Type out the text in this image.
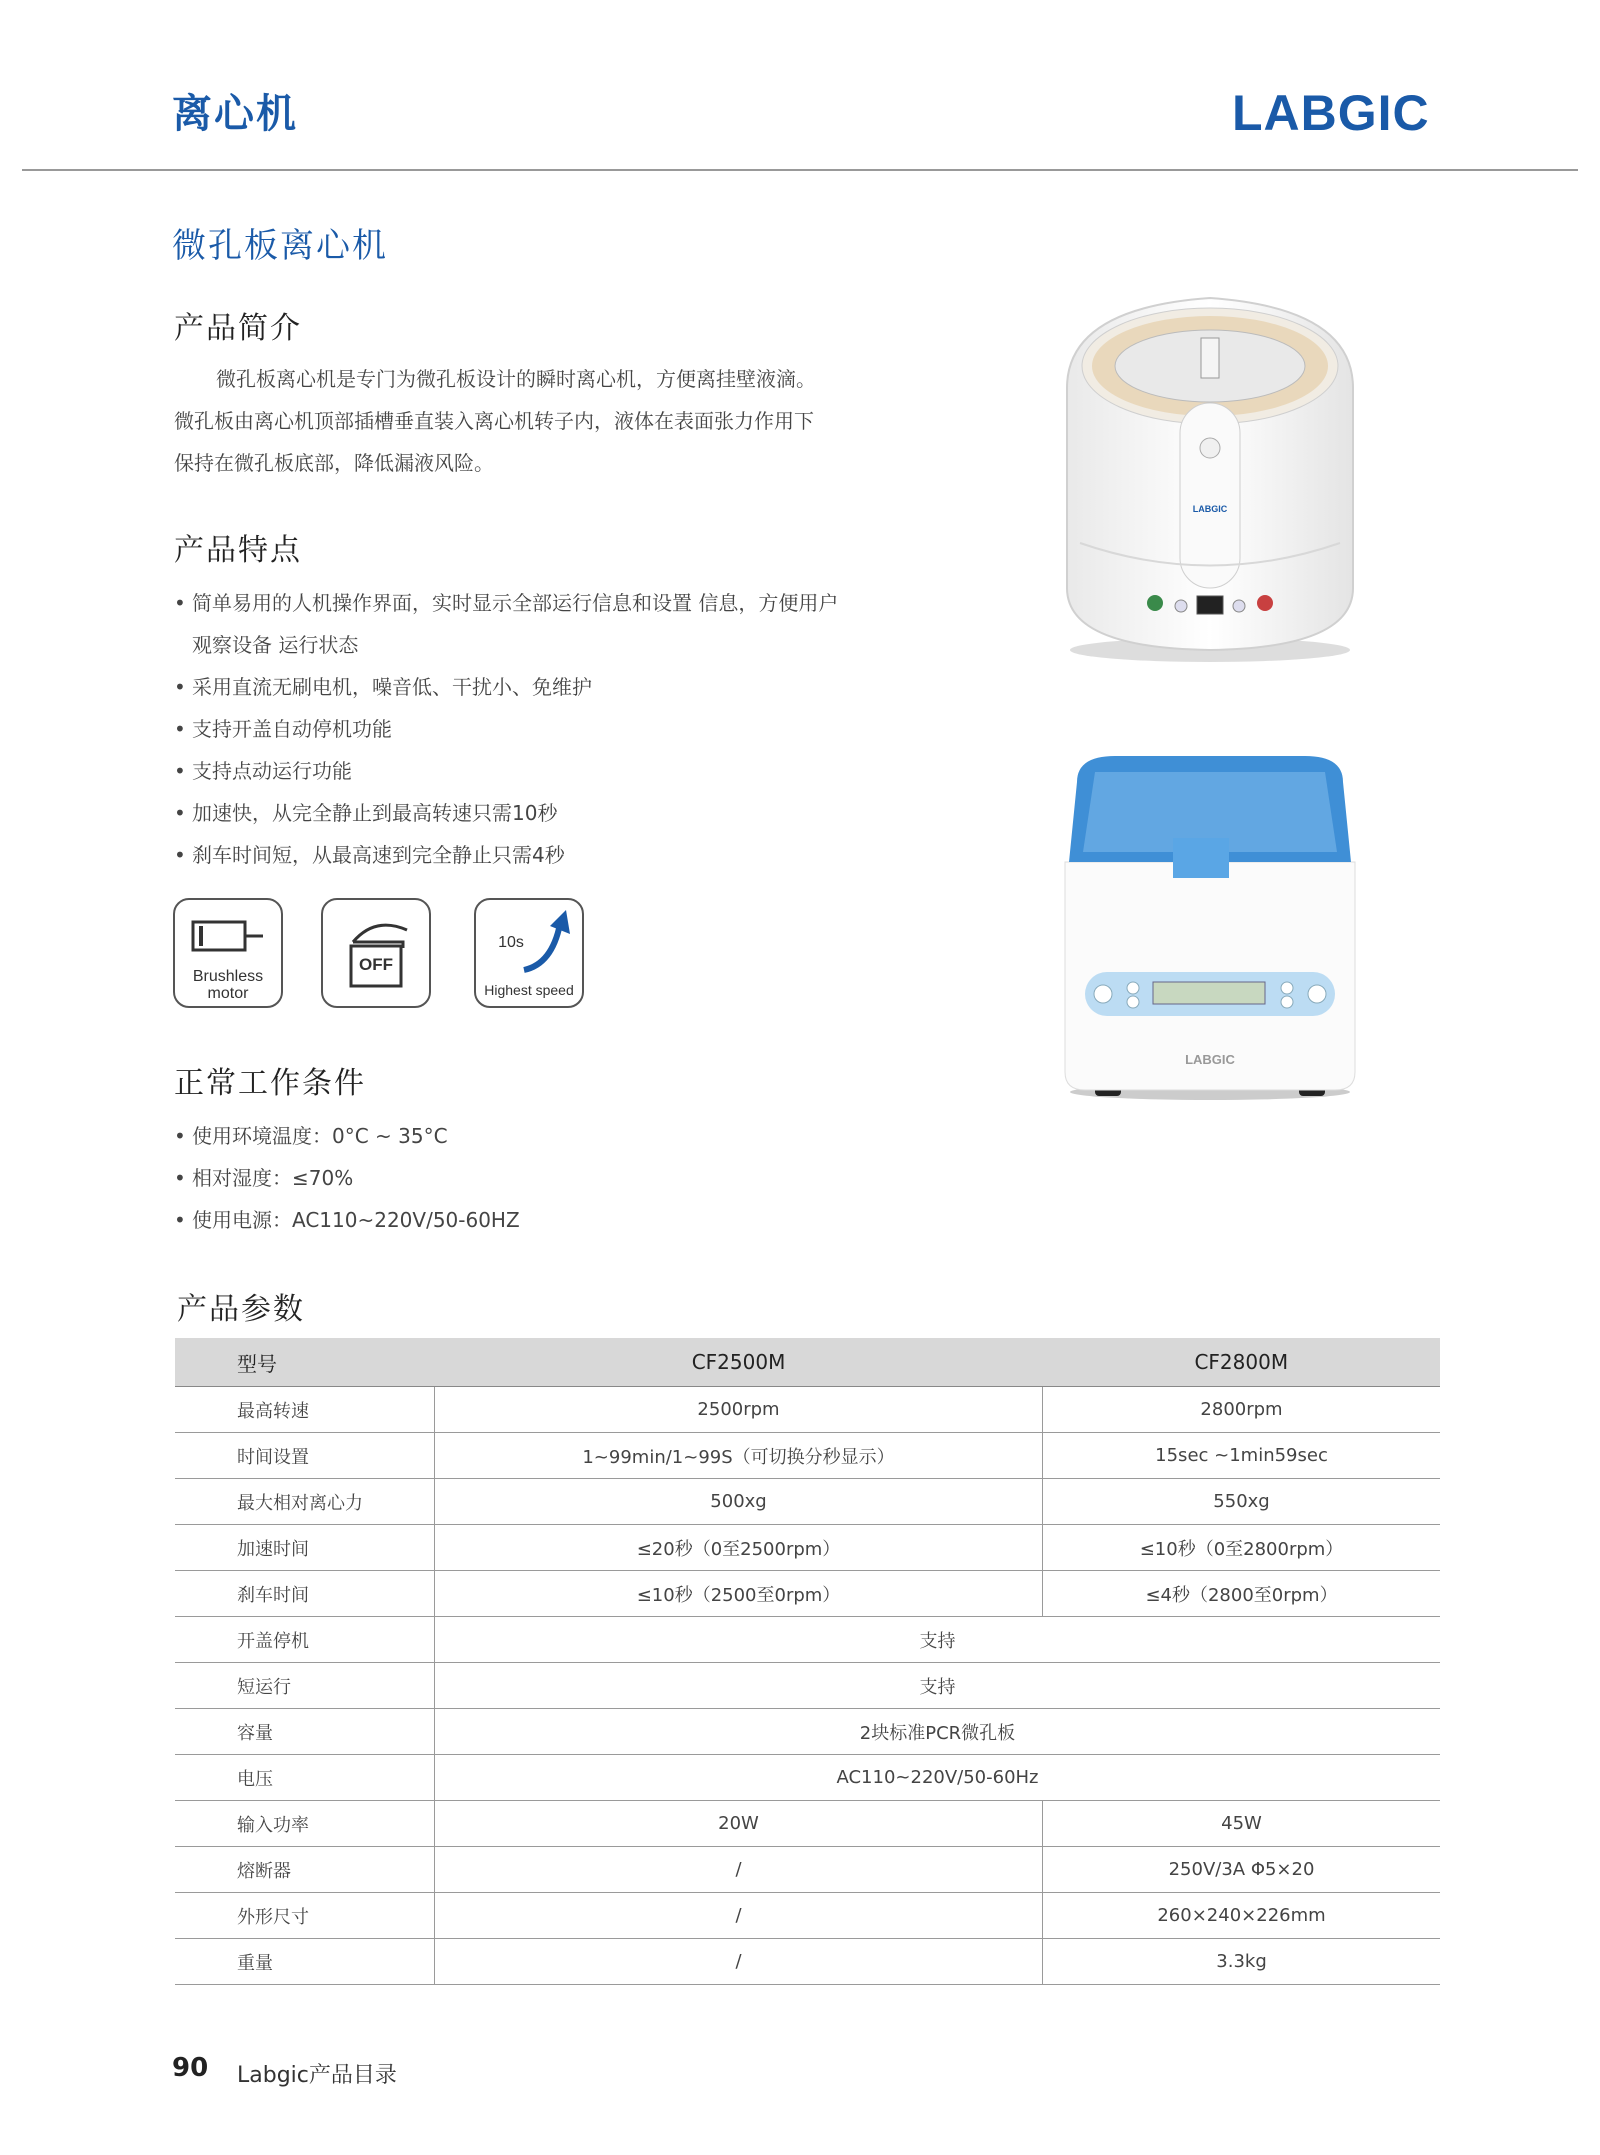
离心机	LABGIC
微孔板离心机
产品简介
微孔板离心机是专门为微孔板设计的瞬时离心机，方便离挂壁液滴。
微孔板由离心机顶部插槽垂直装入离心机转子内，液体在表面张力作用下
保持在微孔板底部，降低漏液风险。
产品特点
• 简单易用的人机操作界面，实时显示全部运行信息和设置 信息，方便用户
观察设备 运行状态
• 采用直流无刷电机，噪音低、干扰小、免维护
• 支持开盖自动停机功能
• 支持点动运行功能
• 加速快，从完全静止到最高转速只需10秒
• 刹车时间短，从最高速到完全静止只需4秒
Brushless
motor
OFF
10s
Highest speed
正常工作条件
• 使用环境温度：0°C ~ 35°C
• 相对湿度：≤70%
• 使用电源：AC110~220V/50-60HZ
LABGIC
LABGIC
产品参数
型号	CF2500M	CF2800M
最高转速	2500rpm	2800rpm
时间设置	1~99min/1~99S（可切换分秒显示）	15sec ~1min59sec
最大相对离心力	500xg	550xg
加速时间	≤20秒（0至2500rpm）	≤10秒（0至2800rpm）
刹车时间	≤10秒（2500至0rpm）	≤4秒（2800至0rpm）
开盖停机	支持	
短运行	支持	
容量	2块标准PCR微孔板	
电压	AC110~220V/50-60Hz	
输入功率	20W	45W
熔断器	/	250V/3A Φ5×20
外形尺寸	/	260×240×226mm
重量	/	3.3kg
90 Labgic产品目录
